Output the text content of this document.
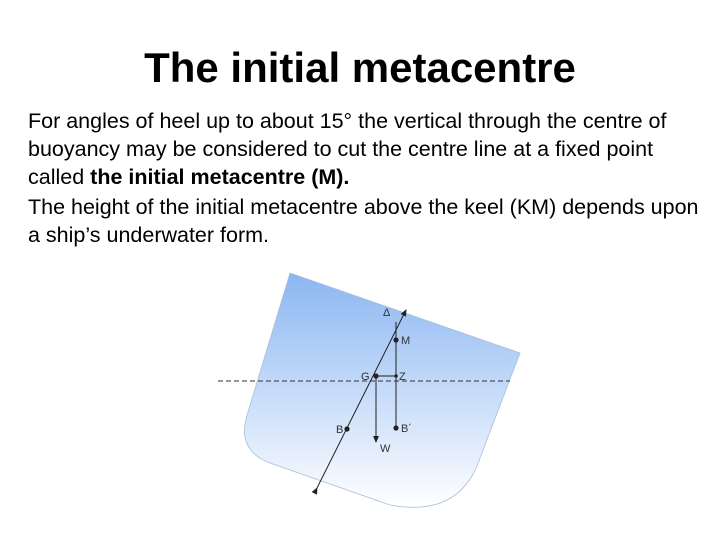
The initial metacentre

For angles of heel up to about 15° the vertical through the centre of buoyancy may be considered to cut the centre line at a fixed point called the initial metacentre (M).

The height of the initial metacentre above the keel (KM) depends upon a ship’s underwater form.

Δ
M
G	Z
B	B´
W
